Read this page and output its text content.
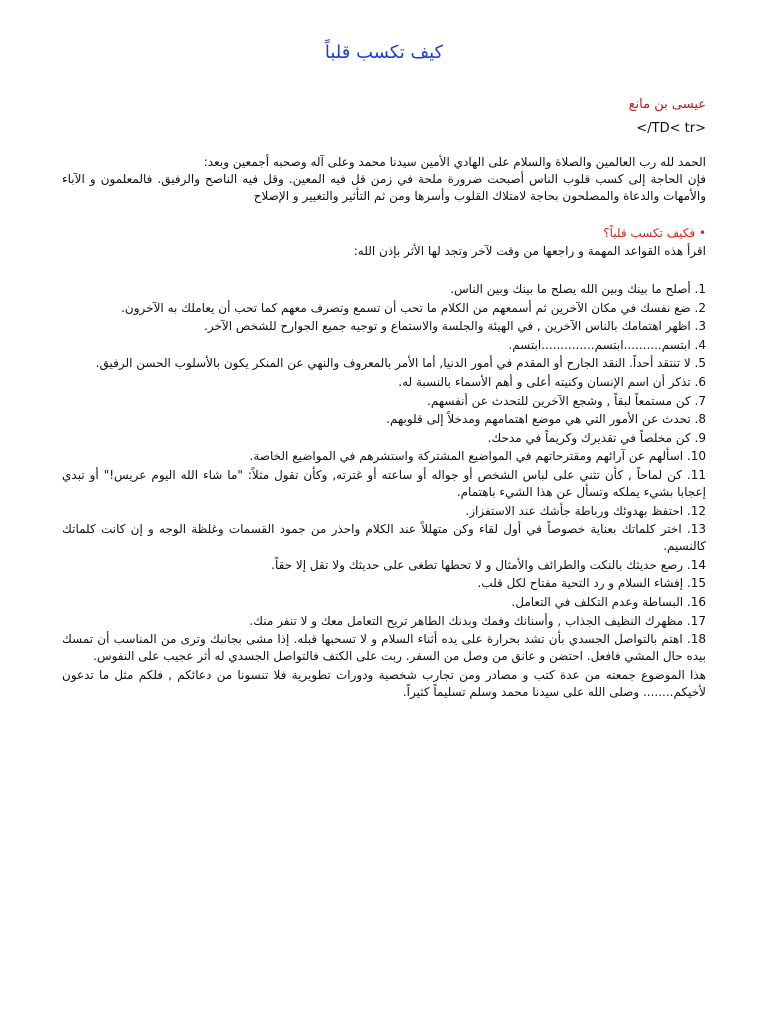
كيف تكسب قلباً
عيسى بن مانع
<TD< tr/>

الحمد لله رب العالمين والصلاة والسلام على الهادي الأمين سيدنا محمد وعلى آله وصحبه أجمعين وبعد:

فإن الحاجة إلى كسب قلوب الناس أصبحت ضرورة ملحة في زمن قل فيه المعين. وقل فيه الناصح والرفيق. فالمعلمون و الآباء والأمهات والدعاة والمصلحون بحاجة لامتلاك القلوب وأسرها ومن ثم التأثير والتغيير و الإصلاح

• فكيف تكسب قلباً؟

اقرأ هذه القواعد المهمة و راجعها من وقت لآخر وتجد لها الأثر بإذن الله:

1. أصلح ما بينك وبين الله يصلح ما بينك وبين الناس.
2. ضع نفسك في مكان الآخرين ثم أسمعهم من الكلام ما تحب أن تسمع وتصرف معهم كما تحب أن يعاملك به الآخرون.
3. اظهر اهتمامك بالناس الآخرين , في الهيئة والجلسة والاستماع و توجيه جميع الجوارح للشخص الآخر.
4. ابتسم..........ابتسم..............ابتسم.
5. لا تنتقد أحداً. النقد الجارح أو المقدم في أمور الدنيا, أما الأمر بالمعروف والنهي عن المنكر يكون بالأسلوب الحسن الرفيق.
6. تذكر أن اسم الإنسان وكنيته أعلى و أهم الأسماء بالنسبة له.
7. كن مستمعاً لبقاً , وشجع الآخرين للتحدث عن أنفسهم.
8. تحدث عن الأمور التي هي موضع اهتمامهم ومدخلاً إلى قلوبهم.
9. كن مخلصاً في تقديرك وكريماً في مدحك.
10. اسألهم عن آرائهم ومقترحاتهم في المواضيع المشتركة واستشرهم في المواضيع الخاصة.
11. كن لماحاً , كأن تثني على لباس الشخص أو جواله أو ساعته أو غترته, وكأن تقول مثلاً: "ما شاء الله اليوم عريس!" أو تبدي إعجابا بشيء يملكه وتسأل عن هذا الشيء باهتمام.
12. احتفظ بهدوئك ورباطة جأشك عند الاستفزاز.
13. اختر كلماتك بعناية خصوصاً في أول لقاء وكن متهللاً عند الكلام واحذر من جمود القسمات وغلظة الوجه و إن كانت كلماتك كالنسيم.
14. رصع حديثك بالنكت والطرائف والأمثال و لا تحطها تطغى على حديثك ولا تقل إلا حقاً.
15. إفشاء السلام و رد التحية مفتاح لكل قلب.
16. البساطة وعدم التكلف في التعامل.
17. مظهرك النظيف الجذاب , وأسنانك وفمك وبدنك الطاهر تريح التعامل معك و لا تنفر منك.
18. اهتم بالتواصل الجسدي بأن تشد بحرارة على يده أثناء السلام و لا تسحبها قبله. إذا مشى بجانبك وترى من المناسب أن تمسك بيده حال المشي فافعل. احتضن و عانق من وصل من السفر. ربت على الكتف فالتواصل الجسدي له أثر عجيب على النفوس.

هذا الموضوع جمعته من عدة كتب و مصادر ومن تجارب شخصية ودورات تطويرية فلا تنسونا من دعائكم , فلكم مثل ما تدعون لأخيكم........ وصلى الله على سيدنا محمد وسلم تسليماً كثيراً.
